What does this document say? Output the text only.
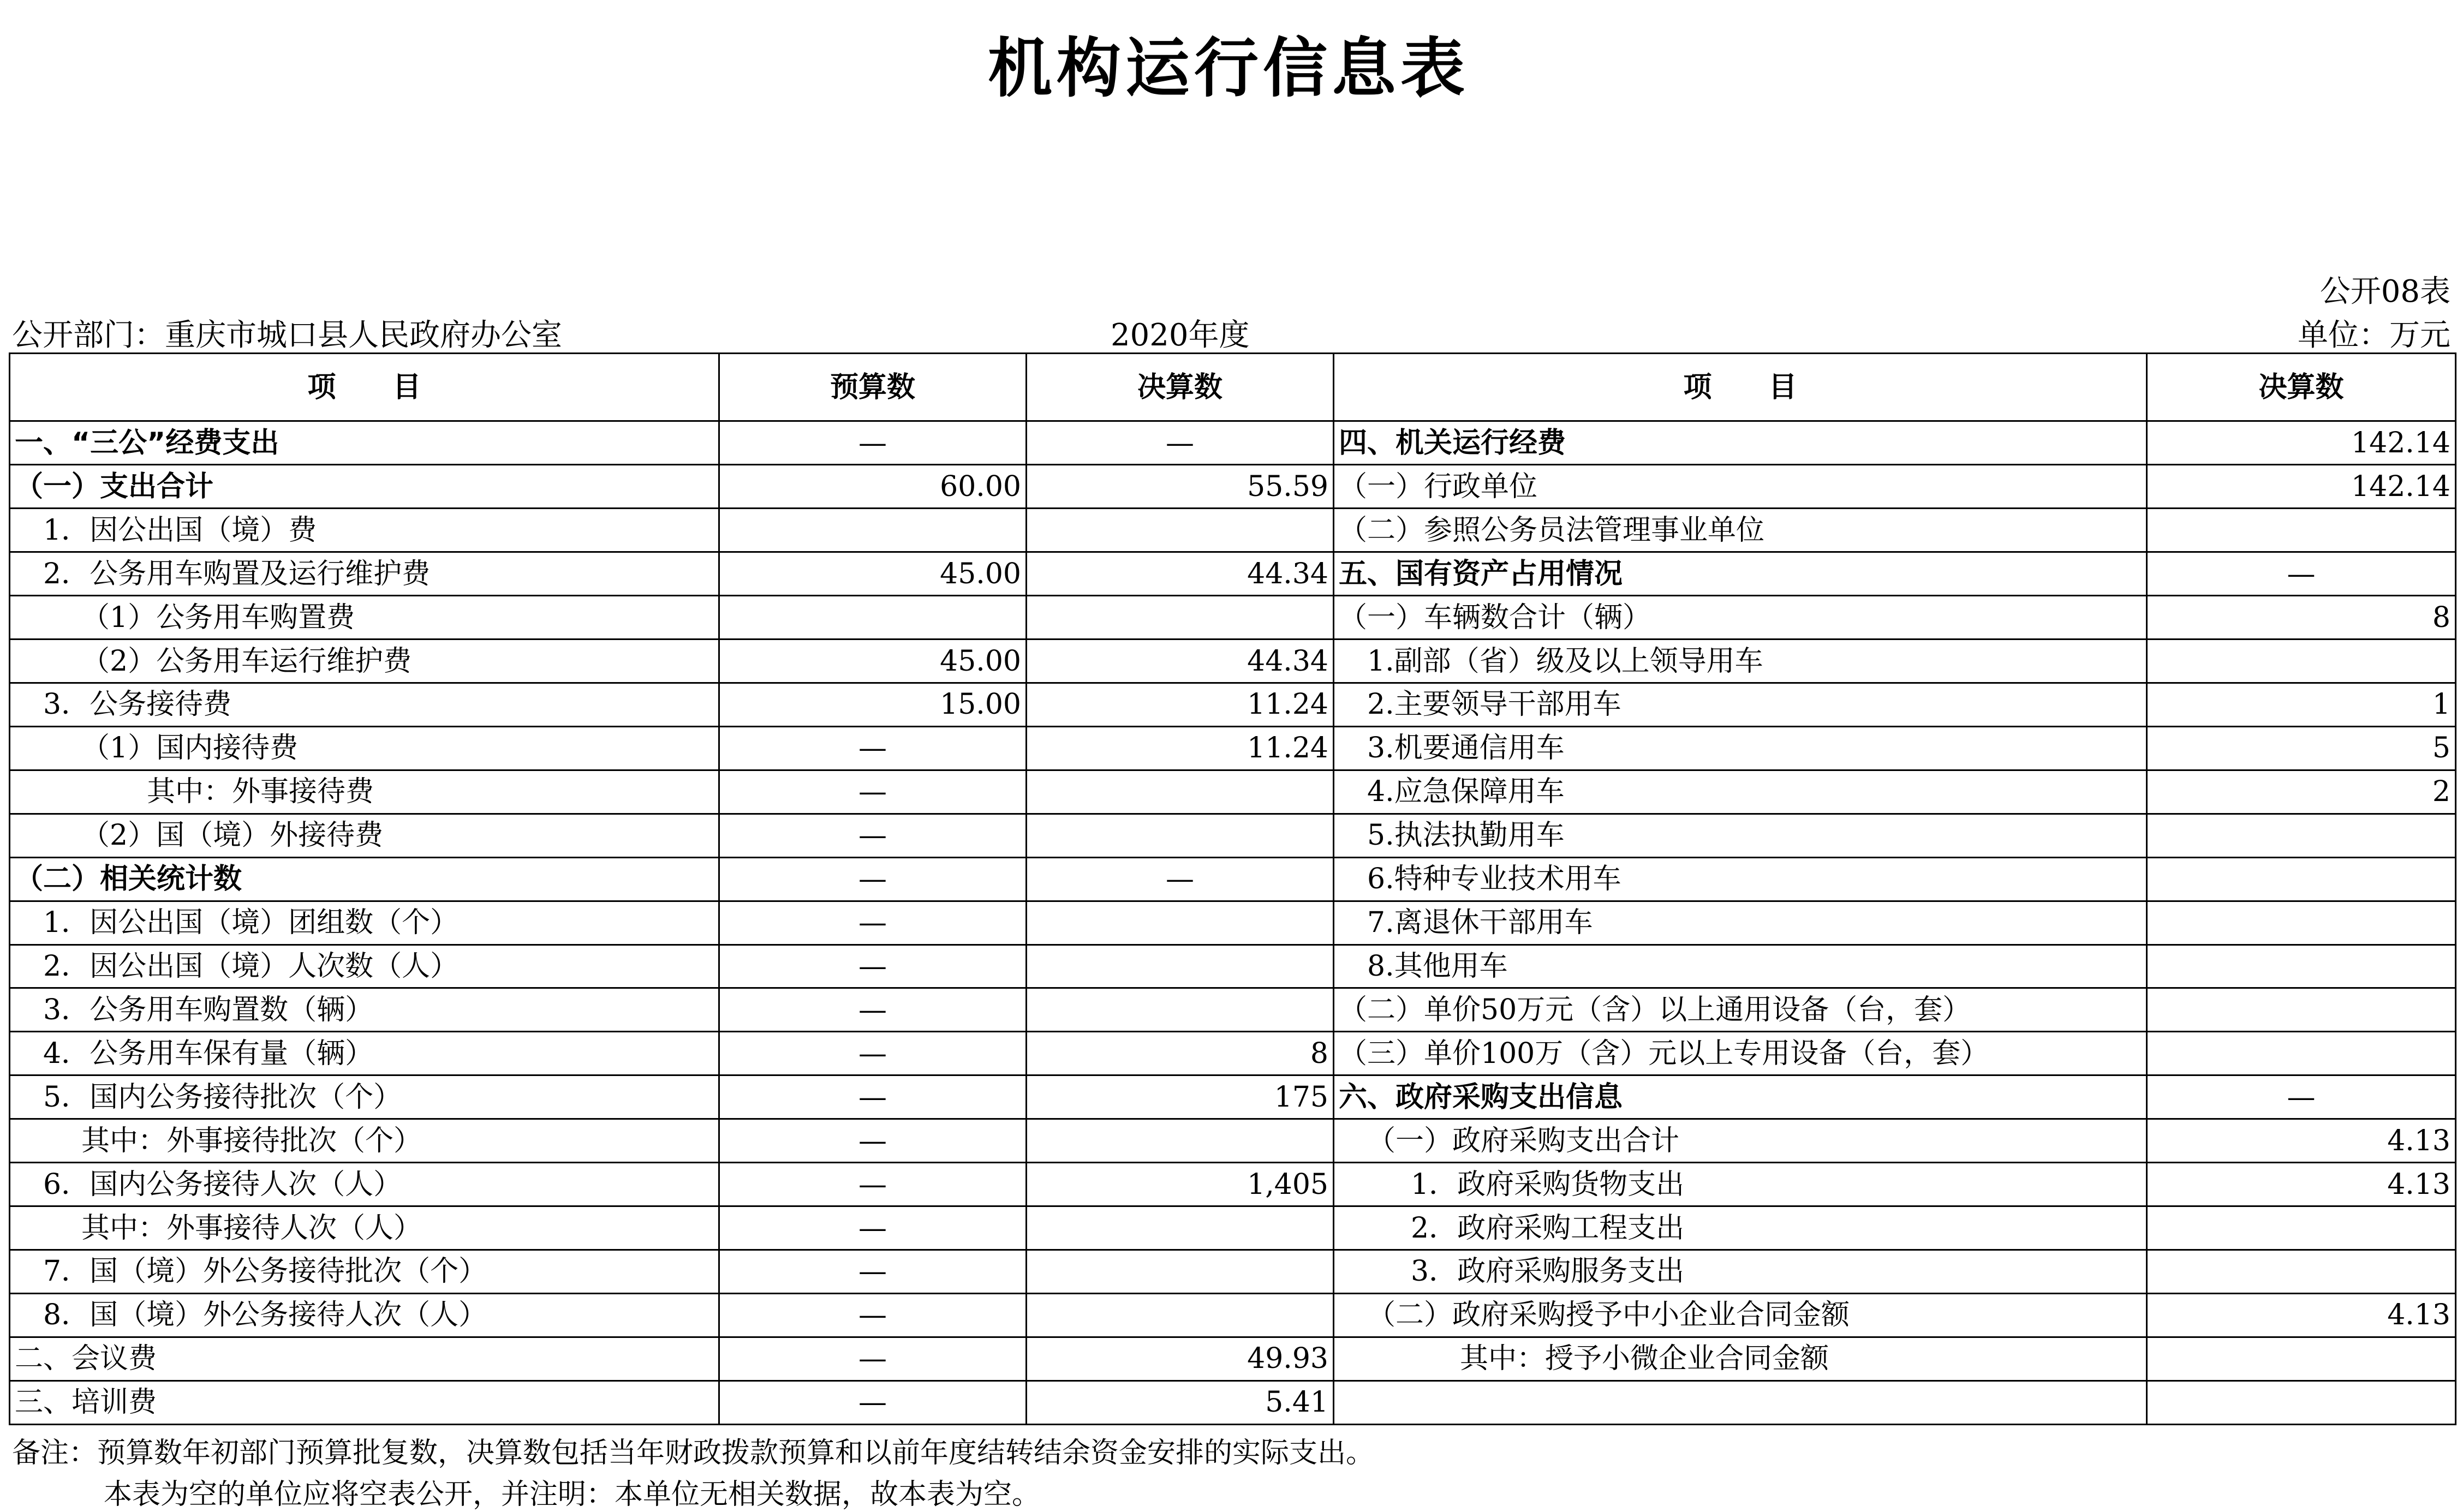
机构运行信息表
公开08表
公开部门：重庆市城口县人民政府办公室	2020年度	单位：万元
项　　目	预算数	决算数	项　　目	决算数
一、“三公”经费支出	—	—	四、机关运行经费	142.14
（一）支出合计	60.00	55.59	（一）行政单位	142.14
1．因公出国（境）费			（二）参照公务员法管理事业单位	
2．公务用车购置及运行维护费	45.00	44.34	五、国有资产占用情况	—
（1）公务用车购置费			（一）车辆数合计（辆）	8
（2）公务用车运行维护费	45.00	44.34	1.副部（省）级及以上领导用车	
3．公务接待费	15.00	11.24	2.主要领导干部用车	1
（1）国内接待费	—	11.24	3.机要通信用车	5
其中：外事接待费	—		4.应急保障用车	2
（2）国（境）外接待费	—		5.执法执勤用车	
（二）相关统计数	—	—	6.特种专业技术用车	
1．因公出国（境）团组数（个）	—		7.离退休干部用车	
2．因公出国（境）人次数（人）	—		8.其他用车	
3．公务用车购置数（辆）	—		（二）单价50万元（含）以上通用设备（台，套）	
4．公务用车保有量（辆）	—	8	（三）单价100万（含）元以上专用设备（台，套）	
5．国内公务接待批次（个）	—	175	六、政府采购支出信息	—
其中：外事接待批次（个）	—		（一）政府采购支出合计	4.13
6．国内公务接待人次（人）	—	1,405	1．政府采购货物支出	4.13
其中：外事接待人次（人）	—		2．政府采购工程支出	
7．国（境）外公务接待批次（个）	—		3．政府采购服务支出	
8．国（境）外公务接待人次（人）	—		（二）政府采购授予中小企业合同金额	4.13
二、会议费	—	49.93	其中：授予小微企业合同金额	
三、培训费	—	5.41		
备注：预算数年初部门预算批复数，决算数包括当年财政拨款预算和以前年度结转结余资金安排的实际支出。
本表为空的单位应将空表公开，并注明：本单位无相关数据，故本表为空。
